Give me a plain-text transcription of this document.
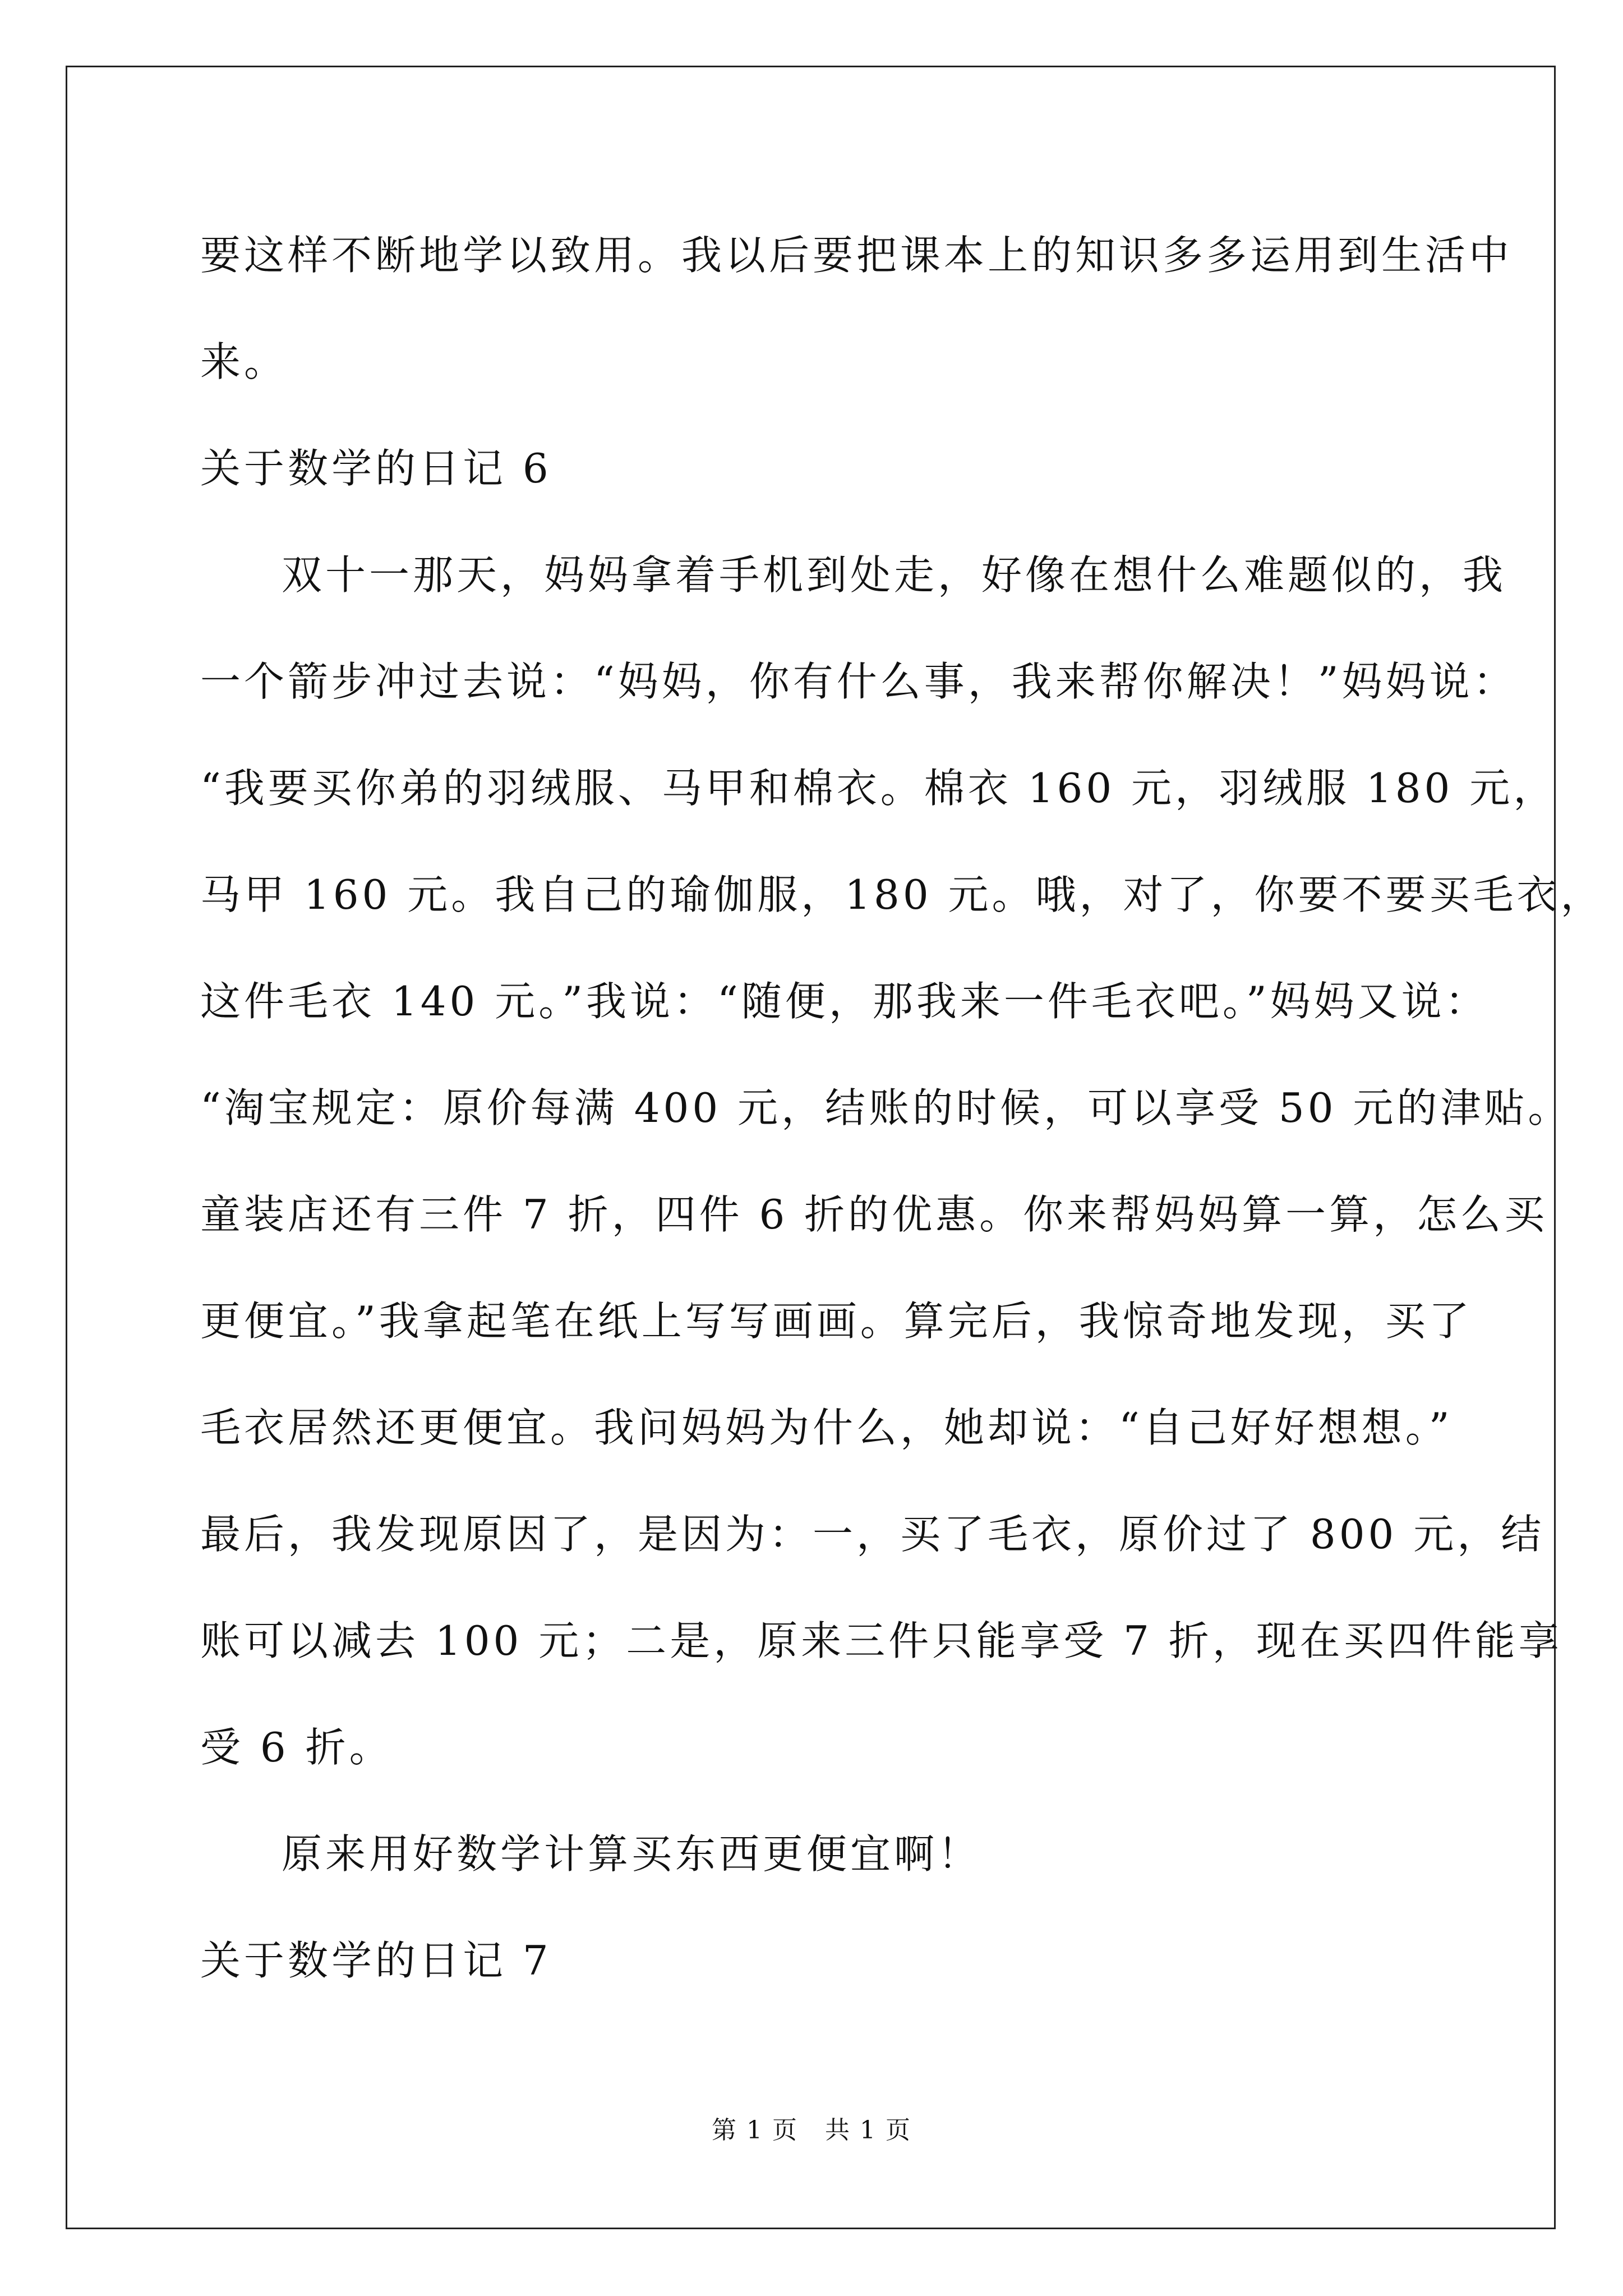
要这样不断地学以致用。我以后要把课本上的知识多多运用到生活中
来。
关于数学的日记 6
双十一那天，妈妈拿着手机到处走，好像在想什么难题似的，我
一个箭步冲过去说：“妈妈，你有什么事，我来帮你解决！”妈妈说：
“我要买你弟的羽绒服、马甲和棉衣。棉衣 160 元，羽绒服 180 元，
马甲 160 元。我自己的瑜伽服，180 元。哦，对了，你要不要买毛衣，
这件毛衣 140 元。”我说：“随便，那我来一件毛衣吧。”妈妈又说：
“淘宝规定：原价每满 400 元，结账的时候，可以享受 50 元的津贴。
童装店还有三件 7 折，四件 6 折的优惠。你来帮妈妈算一算，怎么买
更便宜。”我拿起笔在纸上写写画画。算完后，我惊奇地发现，买了
毛衣居然还更便宜。我问妈妈为什么，她却说：“自己好好想想。”
最后，我发现原因了，是因为：一，买了毛衣，原价过了 800 元，结
账可以减去 100 元；二是，原来三件只能享受 7 折，现在买四件能享
受 6 折。
原来用好数学计算买东西更便宜啊！
关于数学的日记 7
第 1 页   共 1 页
